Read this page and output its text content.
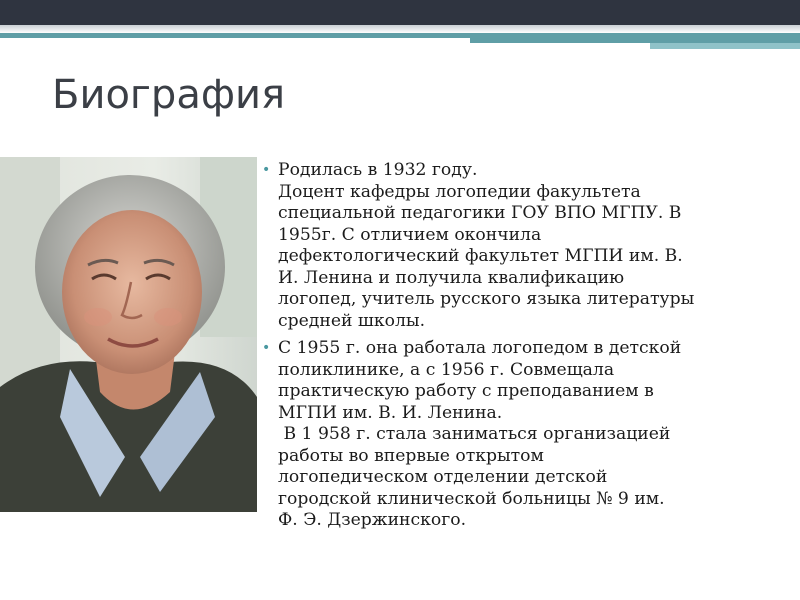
Биография
• Родилась в 1932 году.
Доцент кафедры логопедии факультета
специальной педагогики ГОУ ВПО МГПУ. В
1955г. С отличием окончила
дефектологический факультет МГПИ им. В.
И. Ленина и получила квалификацию
логопед, учитель русского языка литературы
средней школы.
• С 1955 г. она работала логопедом в детской
поликлинике, а с 1956 г. Совмещала
практическую работу с преподаванием в
МГПИ им. В. И. Ленина.
В 1 958 г. стала заниматься организацией
работы во впервые открытом
логопедическом отделении детской
городской клинической больницы № 9 им.
Ф. Э. Дзержинского.
